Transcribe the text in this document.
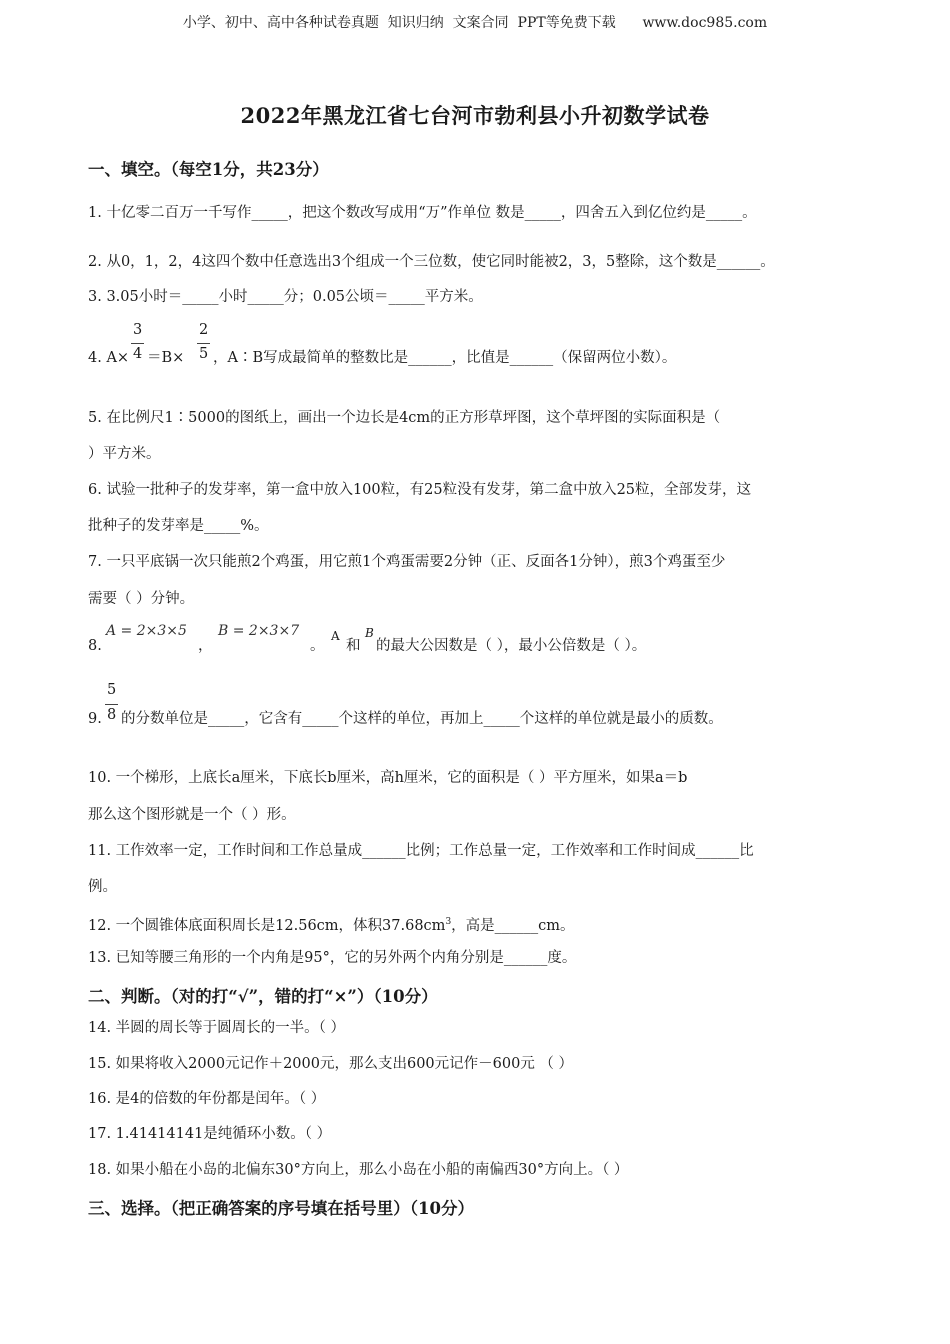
小学、初中、高中各种试卷真题  知识归纳  文案合同  PPT等免费下载      www.doc985.com
2022年黑龙江省七台河市勃利县小升初数学试卷
一、填空。（每空1分，共23分）
1. 十亿零二百万一千写作_____，把这个数改写成用“万”作单位 数是_____，四舍五入到亿位约是_____。
2. 从0，1，2，4这四个数中任意选出3个组成一个三位数，使它同时能被2，3，5整除，这个数是______。
3. 3.05小时＝_____小时_____分；0.05公顷＝_____平方米。
4. A×
3
4 ＝B×
2
5 ，A∶B写成最简单的整数比是______，比值是______（保留两位小数）。
5. 在比例尺1∶5000的图纸上，画出一个边长是4cm的正方形草坪图，这个草坪图的实际面积是（
）平方米。
6. 试验一批种子的发芽率，第一盒中放入100粒，有25粒没有发芽，第二盒中放入25粒，全部发芽，这
批种子的发芽率是_____%。
7. 一只平底锅一次只能煎2个鸡蛋，用它煎1个鸡蛋需要2分钟（正、反面各1分钟），煎3个鸡蛋至少
需要（ ）分钟。
8.
A = 2×3×5
，
B = 2×3×7
。
A
和
B
的最大公因数是（ ），最小公倍数是（ ）。
9.
5
8 的分数单位是_____，它含有_____个这样的单位，再加上_____个这样的单位就是最小的质数。
10. 一个梯形，上底长a厘米，下底长b厘米，高h厘米，它的面积是（ ）平方厘米，如果a＝b
那么这个图形就是一个（ ）形。
11. 工作效率一定，工作时间和工作总量成______比例；工作总量一定，工作效率和工作时间成______比
例。
12. 一个圆锥体底面积周长是12.56cm，体积$37.68cm^3$，高是______cm。
13. 已知等腰三角形的一个内角是95°，它的另外两个内角分别是______度。
二、判断。（对的打“√”，错的打“×”）（10分）
14. 半圆的周长等于圆周长的一半。（ ）
15. 如果将收入2000元记作＋2000元，那么支出600元记作－600元 （ ）
16. 是4的倍数的年份都是闰年。（ ）
17. 1.41414141是纯循环小数。（ ）
18. 如果小船在小岛的北偏东30°方向上，那么小岛在小船的南偏西30°方向上。（ ）
三、选择。（把正确答案的序号填在括号里）（10分）
